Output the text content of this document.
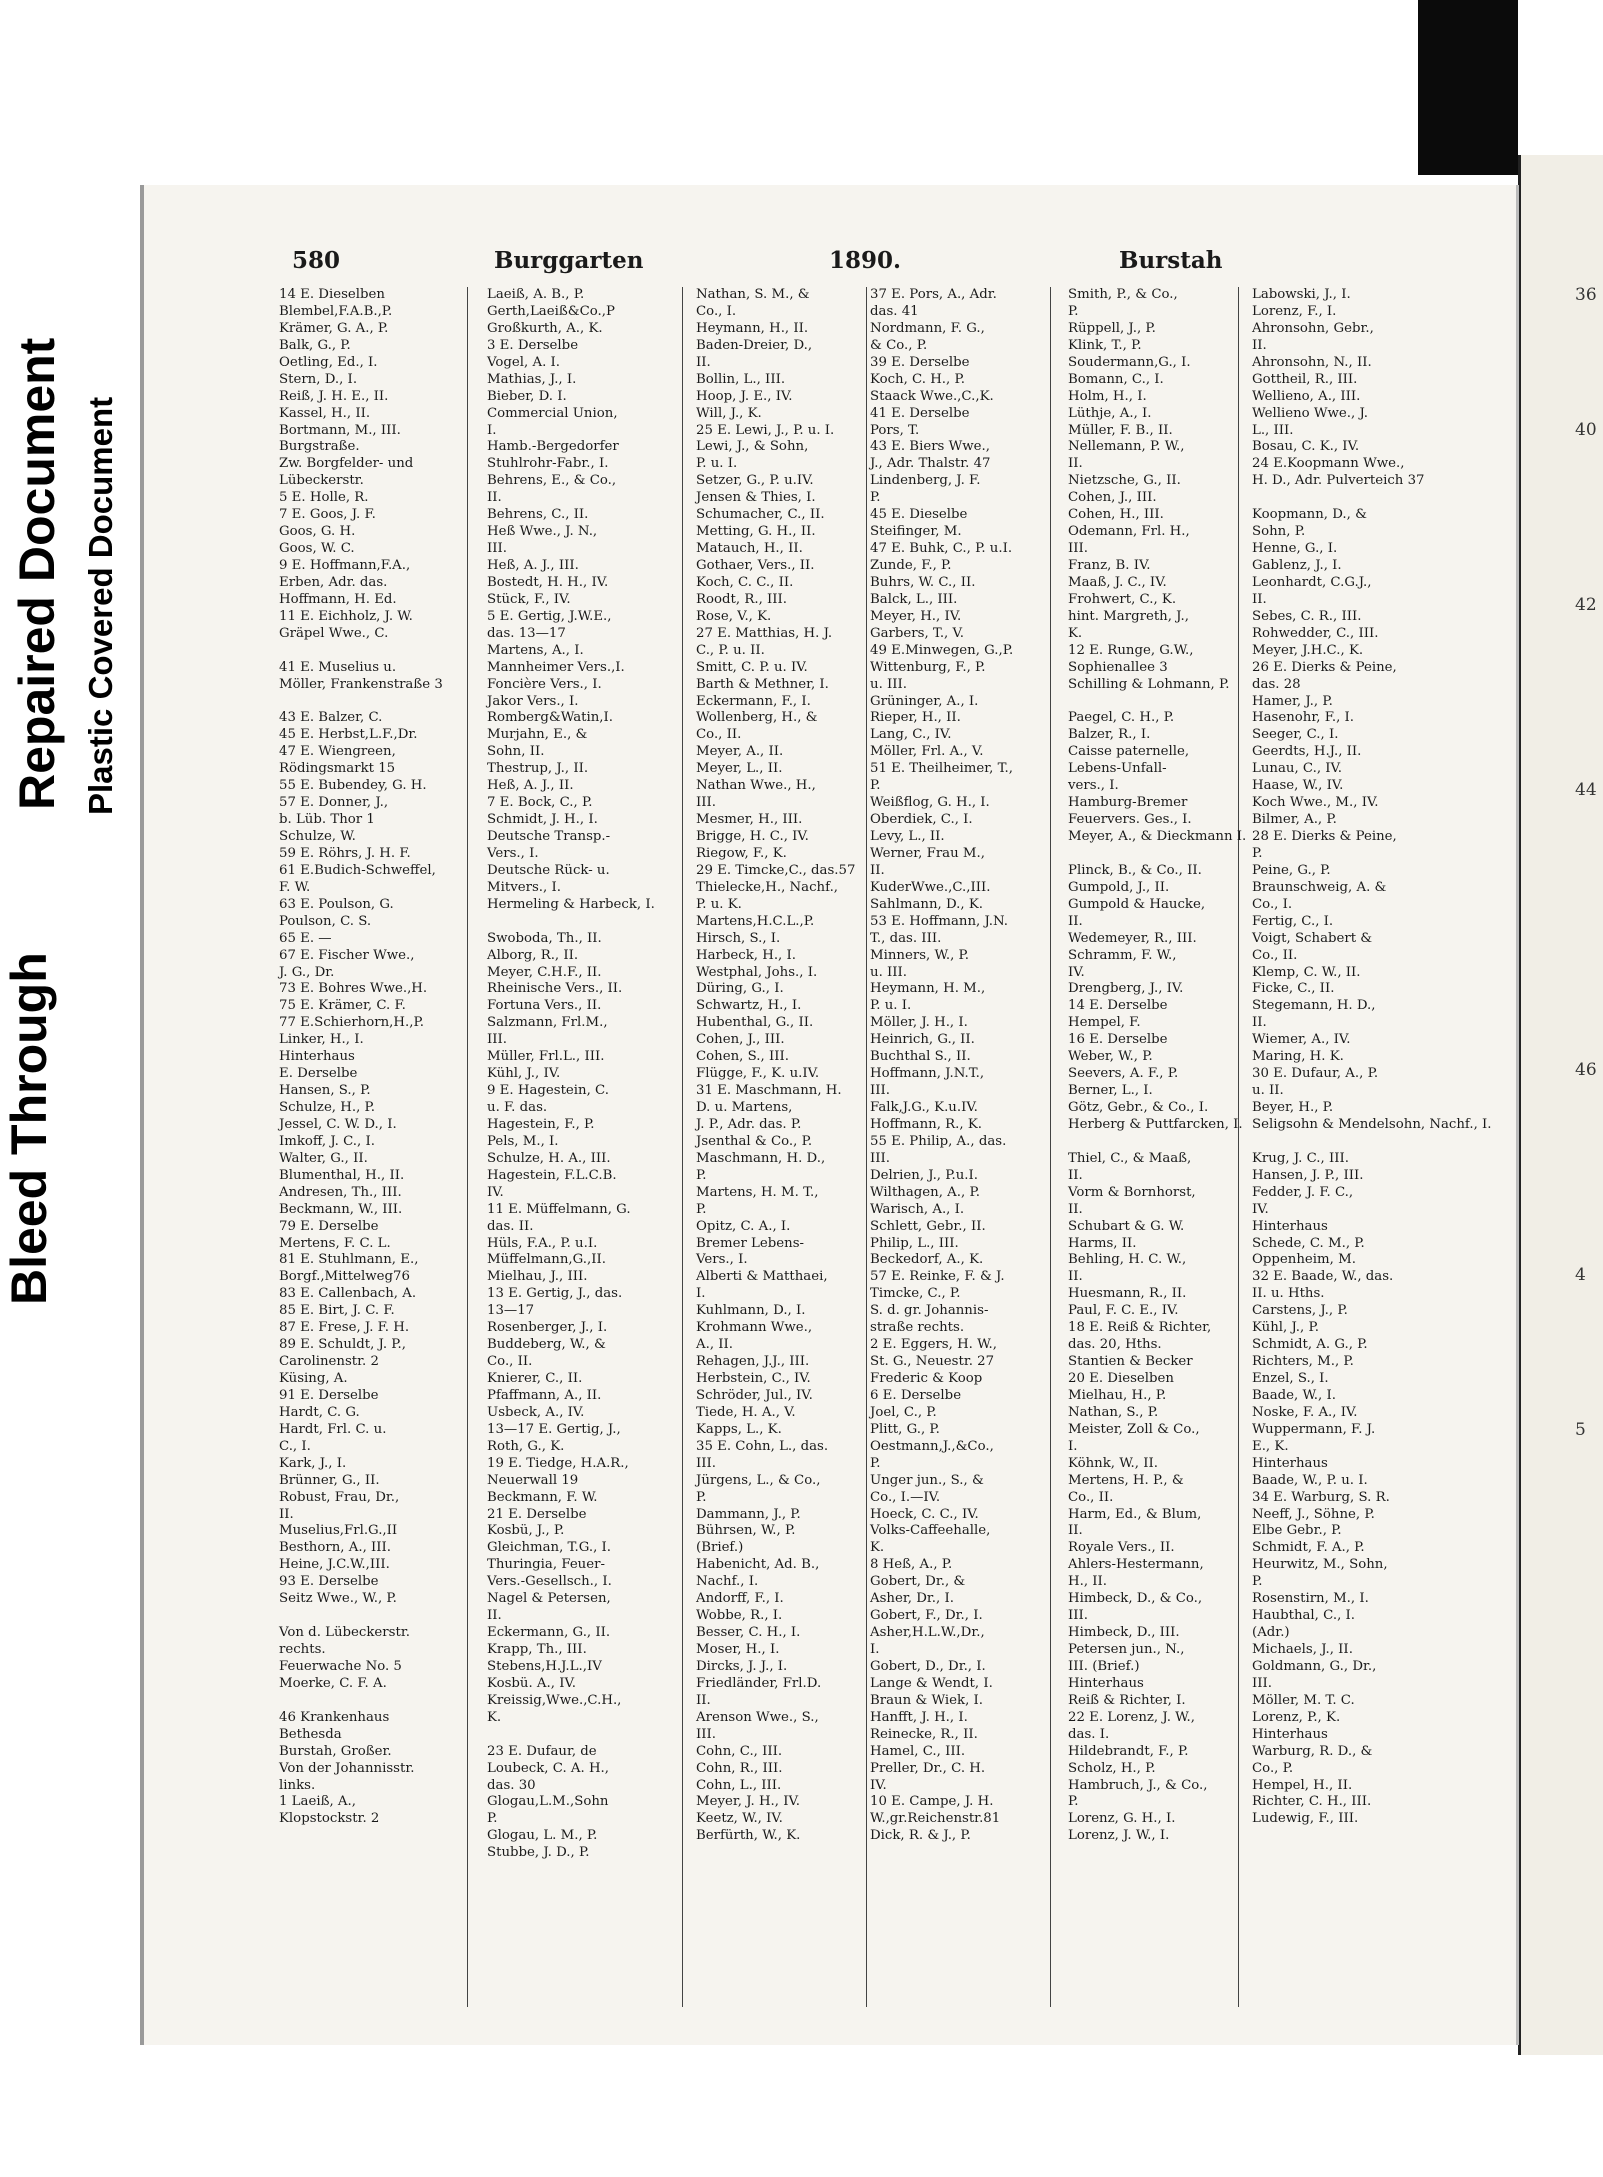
Bleed Through
Repaired Document Plastic Covered Document
36
40
42
44
46
4
5
580	Burggarten	1890.	Burstah
14 E. Dieselben
Blembel,F.A.B.,P.
Krämer, G. A., P.
Balk, G., P.
Oetling, Ed., I.
Stern, D., I.
Reiß, J. H. E., II.
Kassel, H., II.
Bortmann, M., III.
Burgstraße.
Zw. Borgfelder- und
Lübeckerstr.
5 E. Holle, R.
7 E. Goos, J. F.
Goos, G. H.
Goos, W. C.
9 E. Hoffmann,F.A.,
Erben, Adr. das.
Hoffmann, H. Ed.
11 E. Eichholz, J. W.
Gräpel Wwe., C.
41 E. Muselius u.
Möller, Frankenstraße 3
43 E. Balzer, C.
45 E. Herbst,L.F.,Dr.
47 E. Wiengreen,
Rödingsmarkt 15
55 E. Bubendey, G. H.
57 E. Donner, J.,
b. Lüb. Thor 1
Schulze, W.
59 E. Röhrs, J. H. F.
61 E.Budich-Schweffel,
F. W.
63 E. Poulson, G.
Poulson, C. S.
65 E. —
67 E. Fischer Wwe.,
J. G., Dr.
73 E. Bohres Wwe.,H.
75 E. Krämer, C. F.
77 E.Schierhorn,H.,P.
Linker, H., I.
Hinterhaus
E. Derselbe
Hansen, S., P.
Schulze, H., P.
Jessel, C. W. D., I.
Imkoff, J. C., I.
Walter, G., II.
Blumenthal, H., II.
Andresen, Th., III.
Beckmann, W., III.
79 E. Derselbe
Mertens, F. C. L.
81 E. Stuhlmann, E.,
Borgf.,Mittelweg76
83 E. Callenbach, A.
85 E. Birt, J. C. F.
87 E. Frese, J. F. H.
89 E. Schuldt, J. P.,
Carolinenstr. 2
Küsing, A.
91 E. Derselbe
Hardt, C. G.
Hardt, Frl. C. u.
C., I.
Kark, J., I.
Brünner, G., II.
Robust, Frau, Dr.,
II.
Muselius,Frl.G.,II
Besthorn, A., III.
Heine, J.C.W.,III.
93 E. Derselbe
Seitz Wwe., W., P.
Von d. Lübeckerstr.
rechts.
Feuerwache No. 5
Moerke, C. F. A.
46 Krankenhaus
Bethesda
Burstah, Großer.
Von der Johannisstr.
links.
1 Laeiß, A.,
Klopstockstr. 2
Laeiß, A. B., P.
Gerth,Laeiß&Co.,P
Großkurth, A., K.
3 E. Derselbe
Vogel, A. I.
Mathias, J., I.
Bieber, D. I.
Commercial Union,
I.
Hamb.-Bergedorfer
Stuhlrohr-Fabr., I.
Behrens, E., & Co.,
II.
Behrens, C., II.
Heß Wwe., J. N.,
III.
Heß, A. J., III.
Bostedt, H. H., IV.
Stück, F., IV.
5 E. Gertig, J.W.E.,
das. 13—17
Martens, A., I.
Mannheimer Vers.,I.
Foncière Vers., I.
Jakor Vers., I.
Romberg&Watin,I.
Murjahn, E., &
Sohn, II.
Thestrup, J., II.
Heß, A. J., II.
7 E. Bock, C., P.
Schmidt, J. H., I.
Deutsche Transp.-
Vers., I.
Deutsche Rück- u.
Mitvers., I.
Hermeling & Harbeck, I.
Swoboda, Th., II.
Alborg, R., II.
Meyer, C.H.F., II.
Rheinische Vers., II.
Fortuna Vers., II.
Salzmann, Frl.M.,
III.
Müller, Frl.L., III.
Kühl, J., IV.
9 E. Hagestein, C.
u. F. das.
Hagestein, F., P.
Pels, M., I.
Schulze, H. A., III.
Hagestein, F.L.C.B.
IV.
11 E. Müffelmann, G.
das. II.
Hüls, F.A., P. u.I.
Müffelmann,G.,II.
Mielhau, J., III.
13 E. Gertig, J., das.
13—17
Rosenberger, J., I.
Buddeberg, W., &
Co., II.
Knierer, C., II.
Pfaffmann, A., II.
Usbeck, A., IV.
13—17 E. Gertig, J.,
Roth, G., K.
19 E. Tiedge, H.A.R.,
Neuerwall 19
Beckmann, F. W.
21 E. Derselbe
Kosbü, J., P.
Gleichman, T.G., I.
Thuringia, Feuer-
Vers.-Gesellsch., I.
Nagel & Petersen,
II.
Eckermann, G., II.
Krapp, Th., III.
Stebens,H.J.L.,IV
Kosbü. A., IV.
Kreissig,Wwe.,C.H.,
K.
23 E. Dufaur, de
Loubeck, C. A. H.,
das. 30
Glogau,L.M.,Sohn
P.
Glogau, L. M., P.
Stubbe, J. D., P.
Nathan, S. M., &
Co., I.
Heymann, H., II.
Baden-Dreier, D.,
II.
Bollin, L., III.
Hoop, J. E., IV.
Will, J., K.
25 E. Lewi, J., P. u. I.
Lewi, J., & Sohn,
P. u. I.
Setzer, G., P. u.IV.
Jensen & Thies, I.
Schumacher, C., II.
Metting, G. H., II.
Matauch, H., II.
Gothaer, Vers., II.
Koch, C. C., II.
Roodt, R., III.
Rose, V., K.
27 E. Matthias, H. J.
C., P. u. II.
Smitt, C. P. u. IV.
Barth & Methner, I.
Eckermann, F., I.
Wollenberg, H., &
Co., II.
Meyer, A., II.
Meyer, L., II.
Nathan Wwe., H.,
III.
Mesmer, H., III.
Brigge, H. C., IV.
Riegow, F., K.
29 E. Timcke,C., das.57
Thielecke,H., Nachf.,
P. u. K.
Martens,H.C.L.,P.
Hirsch, S., I.
Harbeck, H., I.
Westphal, Johs., I.
Düring, G., I.
Schwartz, H., I.
Hubenthal, G., II.
Cohen, J., III.
Cohen, S., III.
Flügge, F., K. u.IV.
31 E. Maschmann, H.
D. u. Martens,
J. P., Adr. das. P.
Jsenthal & Co., P.
Maschmann, H. D.,
P.
Martens, H. M. T.,
P.
Opitz, C. A., I.
Bremer Lebens-
Vers., I.
Alberti & Matthaei,
I.
Kuhlmann, D., I.
Krohmann Wwe.,
A., II.
Rehagen, J.J., III.
Herbstein, C., IV.
Schröder, Jul., IV.
Tiede, H. A., V.
Kapps, L., K.
35 E. Cohn, L., das.
III.
Jürgens, L., & Co.,
P.
Dammann, J., P.
Bührsen, W., P.
(Brief.)
Habenicht, Ad. B.,
Nachf., I.
Andorff, F., I.
Wobbe, R., I.
Besser, C. H., I.
Moser, H., I.
Dircks, J. J., I.
Friedländer, Frl.D.
II.
Arenson Wwe., S.,
III.
Cohn, C., III.
Cohn, R., III.
Cohn, L., III.
Meyer, J. H., IV.
Keetz, W., IV.
Berfürth, W., K.
37 E. Pors, A., Adr.
das. 41
Nordmann, F. G.,
& Co., P.
39 E. Derselbe
Koch, C. H., P.
Staack Wwe.,C.,K.
41 E. Derselbe
Pors, T.
43 E. Biers Wwe.,
J., Adr. Thalstr. 47
Lindenberg, J. F.
P.
45 E. Dieselbe
Steifinger, M.
47 E. Buhk, C., P. u.I.
Zunde, F., P.
Buhrs, W. C., II.
Balck, L., III.
Meyer, H., IV.
Garbers, T., V.
49 E.Minwegen, G.,P.
Wittenburg, F., P.
u. III.
Grüninger, A., I.
Rieper, H., II.
Lang, C., IV.
Möller, Frl. A., V.
51 E. Theilheimer, T.,
P.
Weißflog, G. H., I.
Oberdiek, C., I.
Levy, L., II.
Werner, Frau M.,
II.
KuderWwe.,C.,III.
Sahlmann, D., K.
53 E. Hoffmann, J.N.
T., das. III.
Minners, W., P.
u. III.
Heymann, H. M.,
P. u. I.
Möller, J. H., I.
Heinrich, G., II.
Buchthal S., II.
Hoffmann, J.N.T.,
III.
Falk,J.G., K.u.IV.
Hoffmann, R., K.
55 E. Philip, A., das.
III.
Delrien, J., P.u.I.
Wilthagen, A., P.
Warisch, A., I.
Schlett, Gebr., II.
Philip, L., III.
Beckedorf, A., K.
57 E. Reinke, F. & J.
Timcke, C., P.
S. d. gr. Johannis-
straße rechts.
2 E. Eggers, H. W.,
St. G., Neuestr. 27
Frederic & Koop
6 E. Derselbe
Joel, C., P.
Plitt, G., P.
Oestmann,J.,&Co.,
P.
Unger jun., S., &
Co., I.—IV.
Hoeck, C. C., IV.
Volks-Caffeehalle,
K.
8 Heß, A., P.
Gobert, Dr., &
Asher, Dr., I.
Gobert, F., Dr., I.
Asher,H.L.W.,Dr.,
I.
Gobert, D., Dr., I.
Lange & Wendt, I.
Braun & Wiek, I.
Hanfft, J. H., I.
Reinecke, R., II.
Hamel, C., III.
Preller, Dr., C. H.
IV.
10 E. Campe, J. H.
W.,gr.Reichenstr.81
Dick, R. & J., P.
Smith, P., & Co.,
P.
Rüppell, J., P.
Klink, T., P.
Soudermann,G., I.
Bomann, C., I.
Holm, H., I.
Lüthje, A., I.
Müller, F. B., II.
Nellemann, P. W.,
II.
Nietzsche, G., II.
Cohen, J., III.
Cohen, H., III.
Odemann, Frl. H.,
III.
Franz, B. IV.
Maaß, J. C., IV.
Frohwert, C., K.
hint. Margreth, J.,
K.
12 E. Runge, G.W.,
Sophienallee 3
Schilling & Lohmann, P.
Paegel, C. H., P.
Balzer, R., I.
Caisse paternelle,
Lebens-Unfall-
vers., I.
Hamburg-Bremer
Feuervers. Ges., I.
Meyer, A., & Dieckmann I.
Plinck, B., & Co., II.
Gumpold, J., II.
Gumpold & Haucke,
II.
Wedemeyer, R., III.
Schramm, F. W.,
IV.
Drengberg, J., IV.
14 E. Derselbe
Hempel, F.
16 E. Derselbe
Weber, W., P.
Seevers, A. F., P.
Berner, L., I.
Götz, Gebr., & Co., I.
Herberg & Puttfarcken, I.
Thiel, C., & Maaß,
II.
Vorm & Bornhorst,
II.
Schubart & G. W.
Harms, II.
Behling, H. C. W.,
II.
Huesmann, R., II.
Paul, F. C. E., IV.
18 E. Reiß & Richter,
das. 20, Hths.
Stantien & Becker
20 E. Dieselben
Mielhau, H., P.
Nathan, S., P.
Meister, Zoll & Co.,
I.
Köhnk, W., II.
Mertens, H. P., &
Co., II.
Harm, Ed., & Blum,
II.
Royale Vers., II.
Ahlers-Hestermann,
H., II.
Himbeck, D., & Co.,
III.
Himbeck, D., III.
Petersen jun., N.,
III. (Brief.)
Hinterhaus
Reiß & Richter, I.
22 E. Lorenz, J. W.,
das. I.
Hildebrandt, F., P.
Scholz, H., P.
Hambruch, J., & Co.,
P.
Lorenz, G. H., I.
Lorenz, J. W., I.
Labowski, J., I.
Lorenz, F., I.
Ahronsohn, Gebr.,
II.
Ahronsohn, N., II.
Gottheil, R., III.
Wellieno, A., III.
Wellieno Wwe., J.
L., III.
Bosau, C. K., IV.
24 E.Koopmann Wwe.,
H. D., Adr. Pulverteich 37
Koopmann, D., &
Sohn, P.
Henne, G., I.
Gablenz, J., I.
Leonhardt, C.G.J.,
II.
Sebes, C. R., III.
Rohwedder, C., III.
Meyer, J.H.C., K.
26 E. Dierks & Peine,
das. 28
Hamer, J., P.
Hasenohr, F., I.
Seeger, C., I.
Geerdts, H.J., II.
Lunau, C., IV.
Haase, W., IV.
Koch Wwe., M., IV.
Bilmer, A., P.
28 E. Dierks & Peine,
P.
Peine, G., P.
Braunschweig, A. &
Co., I.
Fertig, C., I.
Voigt, Schabert &
Co., II.
Klemp, C. W., II.
Ficke, C., II.
Stegemann, H. D.,
II.
Wiemer, A., IV.
Maring, H. K.
30 E. Dufaur, A., P.
u. II.
Beyer, H., P.
Seligsohn & Mendelsohn, Nachf., I.
Krug, J. C., III.
Hansen, J. P., III.
Fedder, J. F. C.,
IV.
Hinterhaus
Schede, C. M., P.
Oppenheim, M.
32 E. Baade, W., das.
II. u. Hths.
Carstens, J., P.
Kühl, J., P.
Schmidt, A. G., P.
Richters, M., P.
Enzel, S., I.
Baade, W., I.
Noske, F. A., IV.
Wuppermann, F. J.
E., K.
Hinterhaus
Baade, W., P. u. I.
34 E. Warburg, S. R.
Neeff, J., Söhne, P.
Elbe Gebr., P.
Schmidt, F. A., P.
Heurwitz, M., Sohn,
P.
Rosenstirn, M., I.
Haubthal, C., I.
(Adr.)
Michaels, J., II.
Goldmann, G., Dr.,
III.
Möller, M. T. C.
Lorenz, P., K.
Hinterhaus
Warburg, R. D., &
Co., P.
Hempel, H., II.
Richter, C. H., III.
Ludewig, F., III.
